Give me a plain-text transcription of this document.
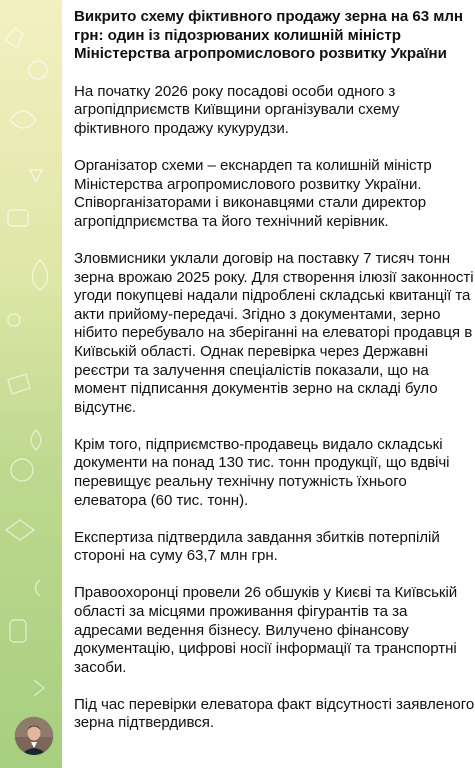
Викрито схему фіктивного продажу зерна на 63 млн грн: один із підозрюваних колишній міністр Міністерства агропромислового розвитку України
На початку 2026 року посадові особи одного з агропідприємств Київщини організували схему фіктивного продажу кукурудзи.
Організатор схеми – екснардеп та колишній міністр Міністерства агропромислового розвитку України. Співорганізаторами і виконавцями стали директор агропідприємства та його технічний керівник.
Зловмисники уклали договір на поставку 7 тисяч тонн зерна врожаю 2025 року. Для створення ілюзії законності угоди покупцеві надали підроблені складські квитанції та акти прийому-передачі. Згідно з документами, зерно нібито перебувало на зберіганні на елеваторі продавця в Київській області. Однак перевірка через Державні реєстри та залучення спеціалістів показали, що на момент підписання документів зерно на складі було відсутнє.
Крім того, підприємство-продавець видало складські документи на понад 130 тис. тонн продукції, що вдвічі перевищує реальну технічну потужність їхнього елеватора (60 тис. тонн).
Експертиза підтвердила завдання збитків потерпілій стороні на суму 63,7 млн грн.
Правоохоронці провели 26 обшуків у Києві та Київській області за місцями проживання фігурантів та за адресами ведення бізнесу. Вилучено фінансову документацію, цифрові носії інформації та транспортні засоби.
Під час перевірки елеватора факт відсутності заявленого зерна підтвердився.
